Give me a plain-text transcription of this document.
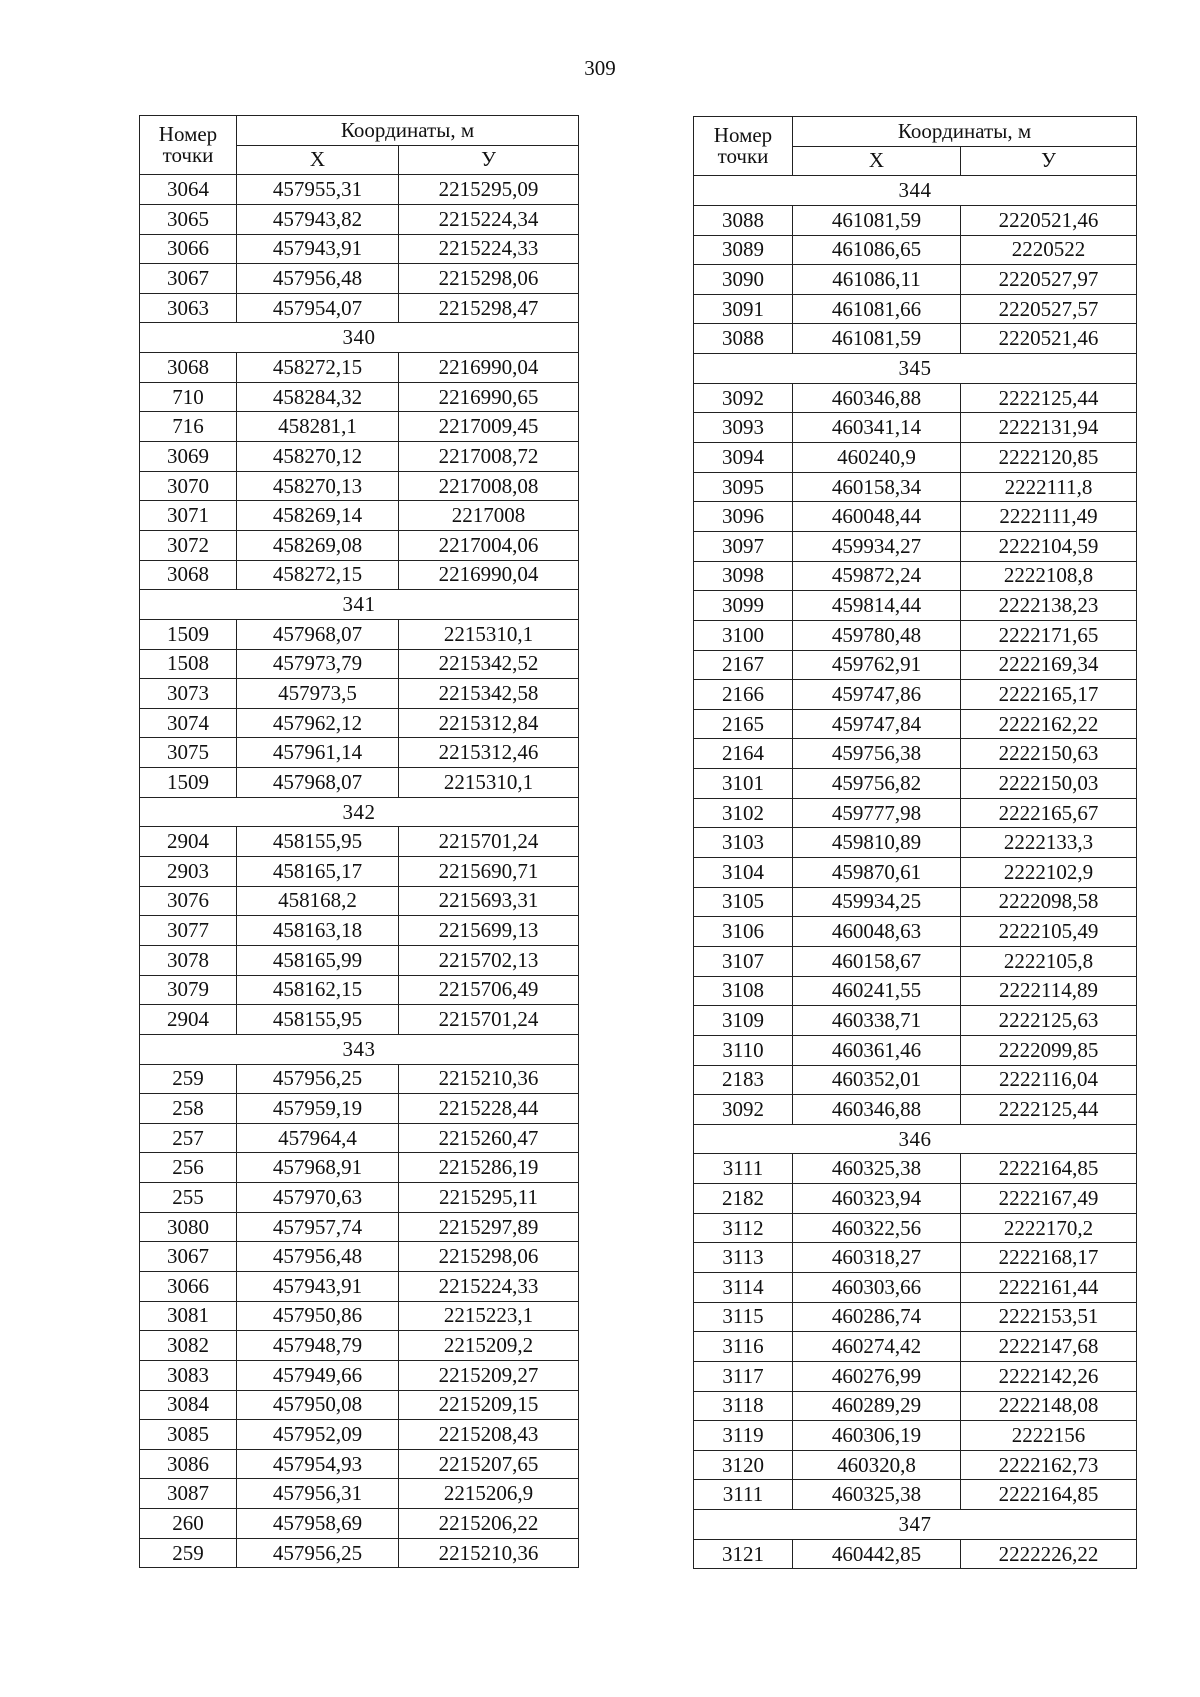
309
Номер
точки	Координаты, м	
	X	У
3064	457955,31	2215295,09
3065	457943,82	2215224,34
3066	457943,91	2215224,33
3067	457956,48	2215298,06
3063	457954,07	2215298,47
340		
3068	458272,15	2216990,04
710	458284,32	2216990,65
716	458281,1	2217009,45
3069	458270,12	2217008,72
3070	458270,13	2217008,08
3071	458269,14	2217008
3072	458269,08	2217004,06
3068	458272,15	2216990,04
341		
1509	457968,07	2215310,1
1508	457973,79	2215342,52
3073	457973,5	2215342,58
3074	457962,12	2215312,84
3075	457961,14	2215312,46
1509	457968,07	2215310,1
342		
2904	458155,95	2215701,24
2903	458165,17	2215690,71
3076	458168,2	2215693,31
3077	458163,18	2215699,13
3078	458165,99	2215702,13
3079	458162,15	2215706,49
2904	458155,95	2215701,24
343		
259	457956,25	2215210,36
258	457959,19	2215228,44
257	457964,4	2215260,47
256	457968,91	2215286,19
255	457970,63	2215295,11
3080	457957,74	2215297,89
3067	457956,48	2215298,06
3066	457943,91	2215224,33
3081	457950,86	2215223,1
3082	457948,79	2215209,2
3083	457949,66	2215209,27
3084	457950,08	2215209,15
3085	457952,09	2215208,43
3086	457954,93	2215207,65
3087	457956,31	2215206,9
260	457958,69	2215206,22
259	457956,25	2215210,36
Номер
точки	Координаты, м	
	X	У
344		
3088	461081,59	2220521,46
3089	461086,65	2220522
3090	461086,11	2220527,97
3091	461081,66	2220527,57
3088	461081,59	2220521,46
345		
3092	460346,88	2222125,44
3093	460341,14	2222131,94
3094	460240,9	2222120,85
3095	460158,34	2222111,8
3096	460048,44	2222111,49
3097	459934,27	2222104,59
3098	459872,24	2222108,8
3099	459814,44	2222138,23
3100	459780,48	2222171,65
2167	459762,91	2222169,34
2166	459747,86	2222165,17
2165	459747,84	2222162,22
2164	459756,38	2222150,63
3101	459756,82	2222150,03
3102	459777,98	2222165,67
3103	459810,89	2222133,3
3104	459870,61	2222102,9
3105	459934,25	2222098,58
3106	460048,63	2222105,49
3107	460158,67	2222105,8
3108	460241,55	2222114,89
3109	460338,71	2222125,63
3110	460361,46	2222099,85
2183	460352,01	2222116,04
3092	460346,88	2222125,44
346		
3111	460325,38	2222164,85
2182	460323,94	2222167,49
3112	460322,56	2222170,2
3113	460318,27	2222168,17
3114	460303,66	2222161,44
3115	460286,74	2222153,51
3116	460274,42	2222147,68
3117	460276,99	2222142,26
3118	460289,29	2222148,08
3119	460306,19	2222156
3120	460320,8	2222162,73
3111	460325,38	2222164,85
347		
3121	460442,85	2222226,22
